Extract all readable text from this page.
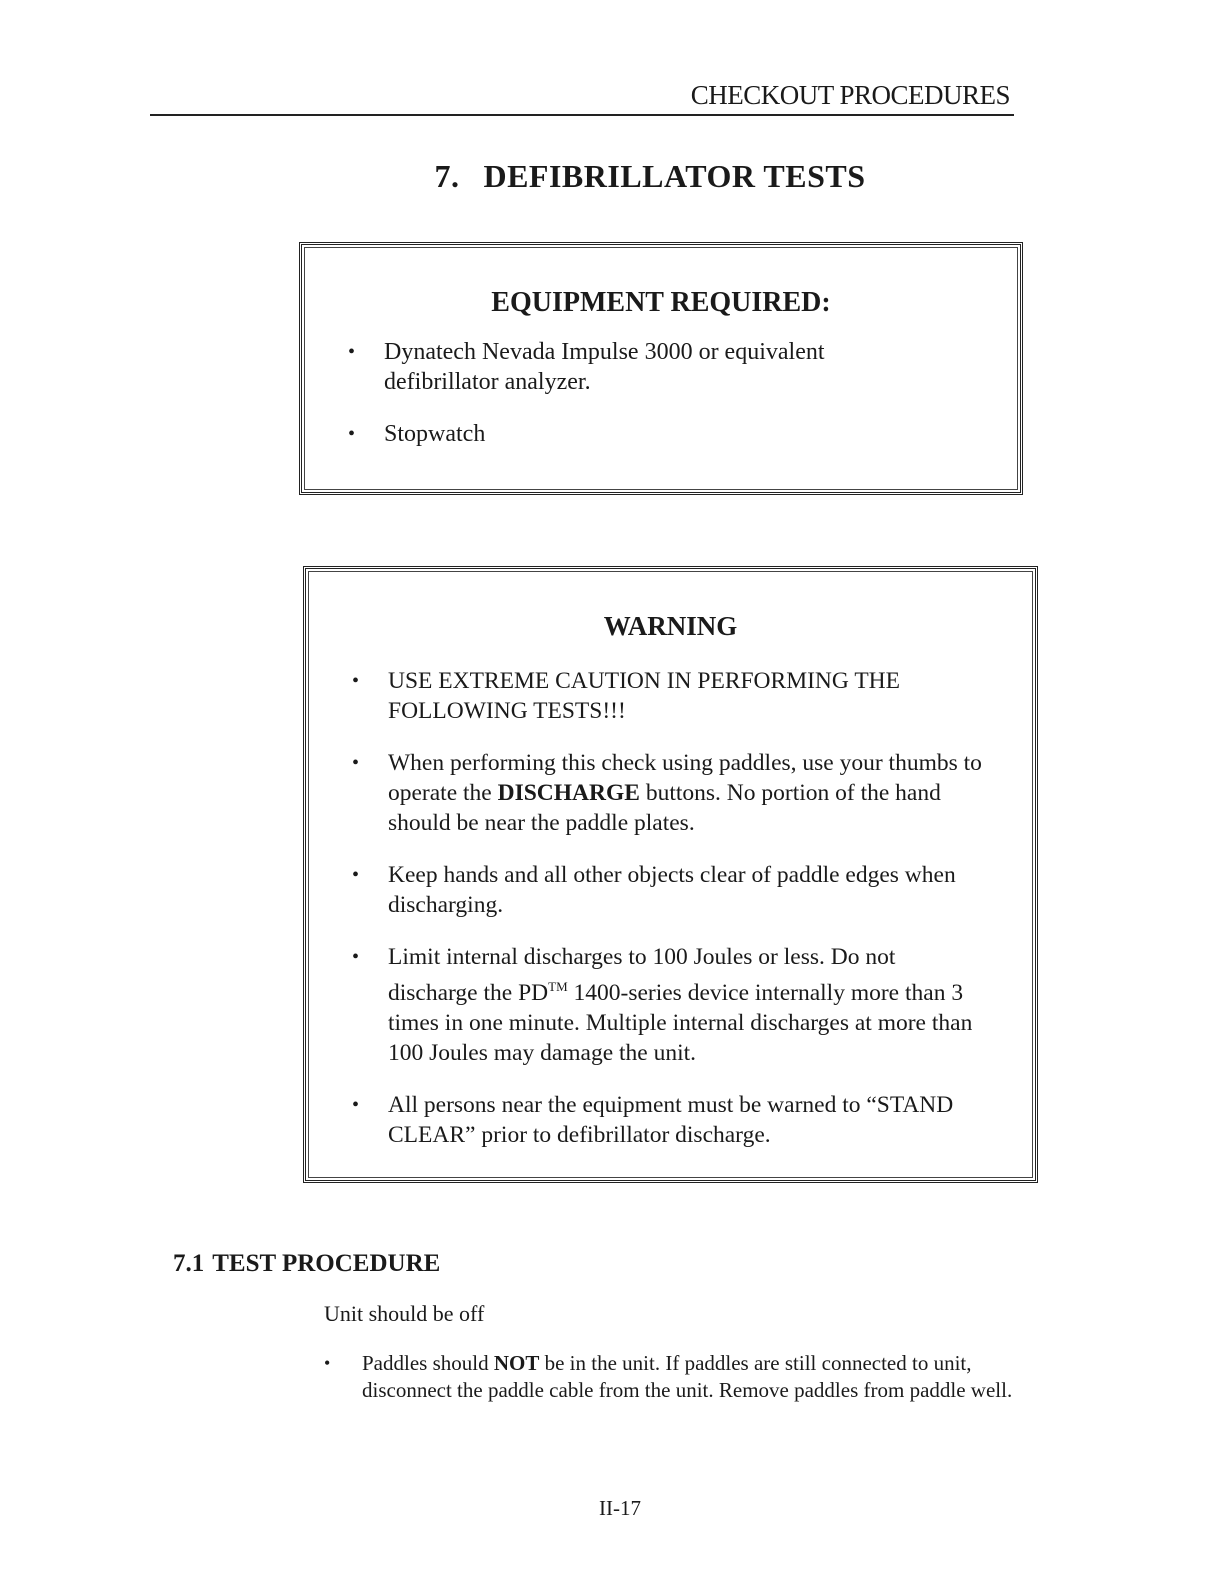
CHECKOUT PROCEDURES
7. DEFIBRILLATOR TESTS
EQUIPMENT REQUIRED:
• Dynatech Nevada Impulse 3000 or equivalent defibrillator analyzer.
• Stopwatch
WARNING
• USE EXTREME CAUTION IN PERFORMING THE FOLLOWING TESTS!!!
• When performing this check using paddles, use your thumbs to operate the DISCHARGE buttons. No portion of the hand should be near the paddle plates.
• Keep hands and all other objects clear of paddle edges when discharging.
• Limit internal discharges to 100 Joules or less. Do not discharge the PD™ 1400-series device internally more than 3 times in one minute. Multiple internal discharges at more than 100 Joules may damage the unit.
• All persons near the equipment must be warned to “STAND CLEAR” prior to defibrillator discharge.
7.1 TEST PROCEDURE
Unit should be off
• Paddles should NOT be in the unit. If paddles are still connected to unit, disconnect the paddle cable from the unit. Remove paddles from paddle well.
II-17
